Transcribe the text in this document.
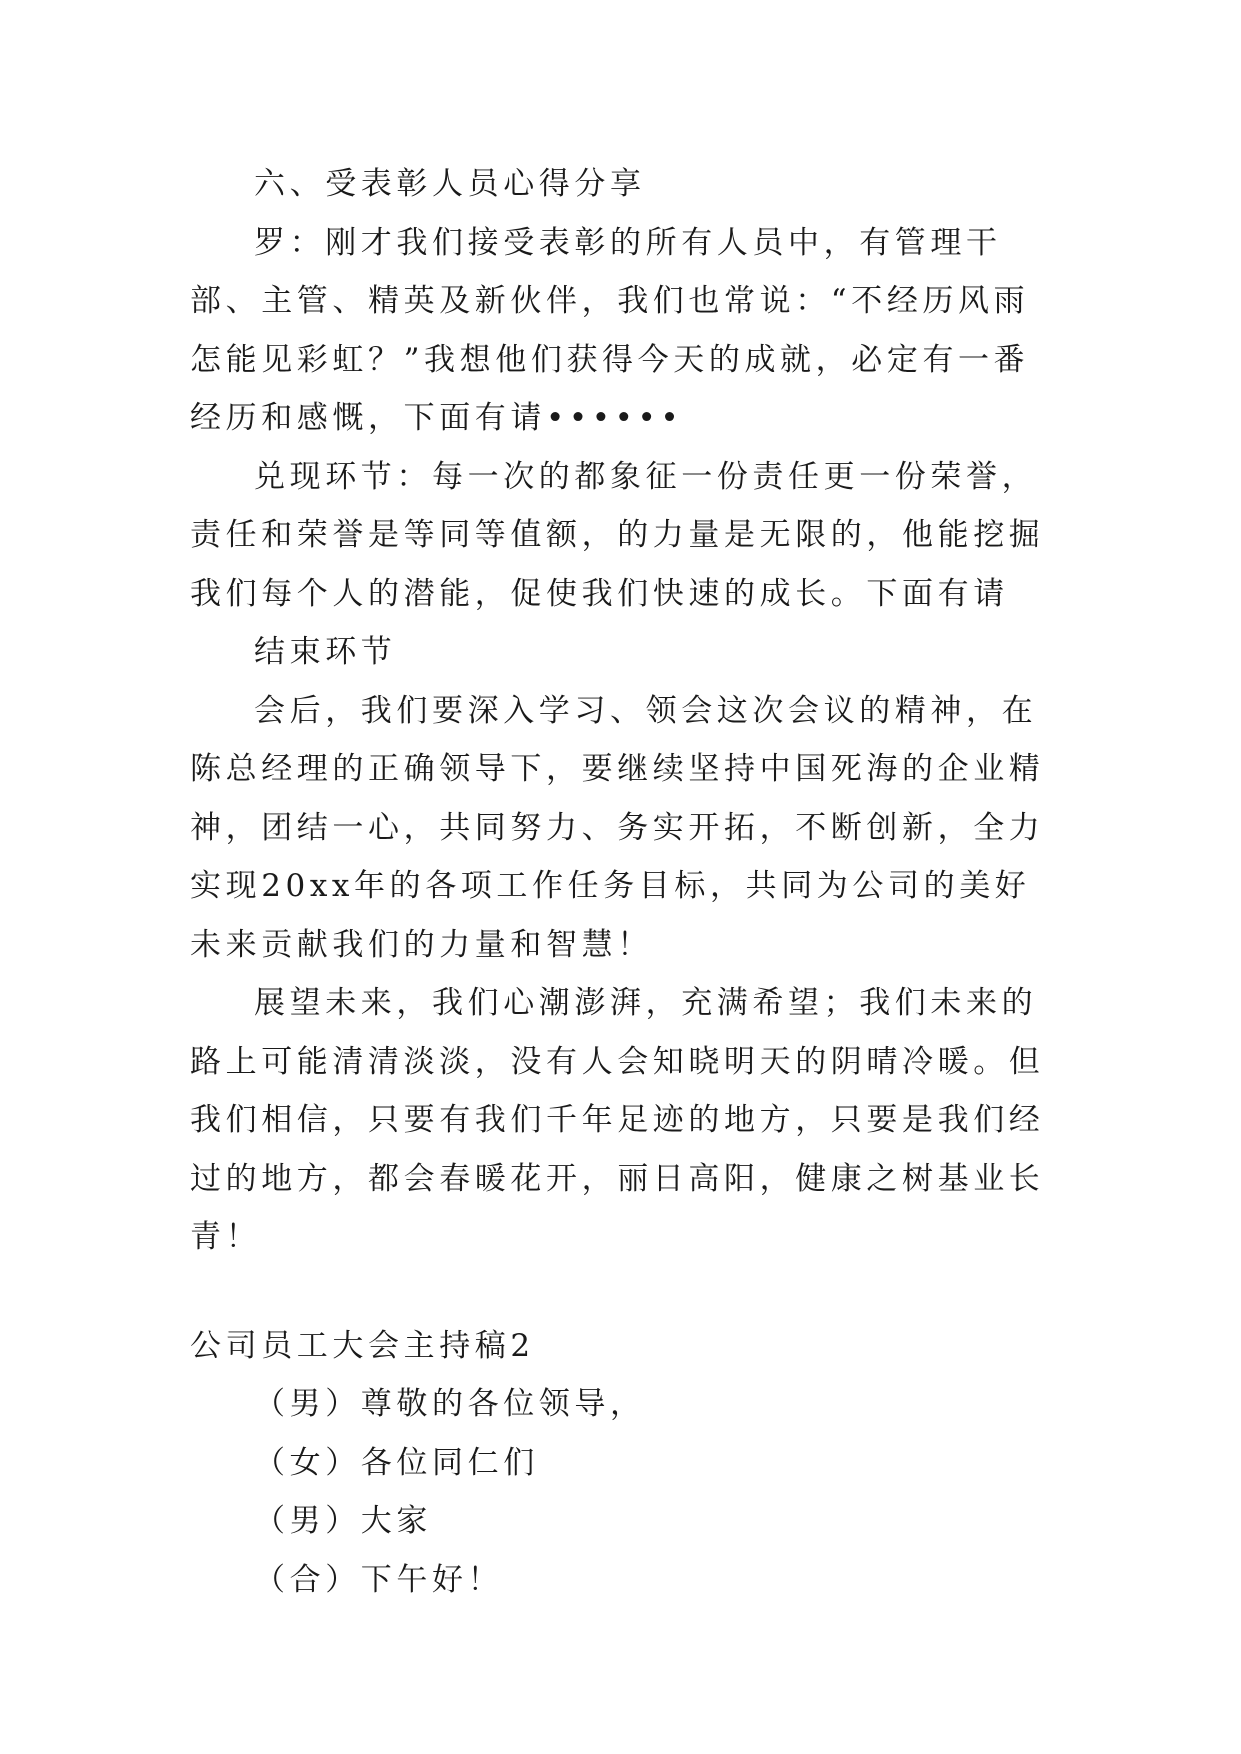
六、受表彰人员心得分享

罗：刚才我们接受表彰的所有人员中，有管理干部、主管、精英及新伙伴，我们也常说：“不经历风雨怎能见彩虹？”我想他们获得今天的成就，必定有一番经历和感慨，下面有请••••••

兑现环节：每一次的都象征一份责任更一份荣誉，责任和荣誉是等同等值额，的力量是无限的，他能挖掘我们每个人的潜能，促使我们快速的成长。下面有请

结束环节

会后，我们要深入学习、领会这次会议的精神，在陈总经理的正确领导下，要继续坚持中国死海的企业精神，团结一心，共同努力、务实开拓，不断创新，全力实现20xx年的各项工作任务目标，共同为公司的美好未来贡献我们的力量和智慧！

展望未来，我们心潮澎湃，充满希望；我们未来的路上可能清清淡淡，没有人会知晓明天的阴晴冷暖。但我们相信，只要有我们千年足迹的地方，只要是我们经过的地方，都会春暖花开，丽日高阳，健康之树基业长青！

公司员工大会主持稿2

（男）尊敬的各位领导，

（女）各位同仁们

（男）大家

（合）下午好！
